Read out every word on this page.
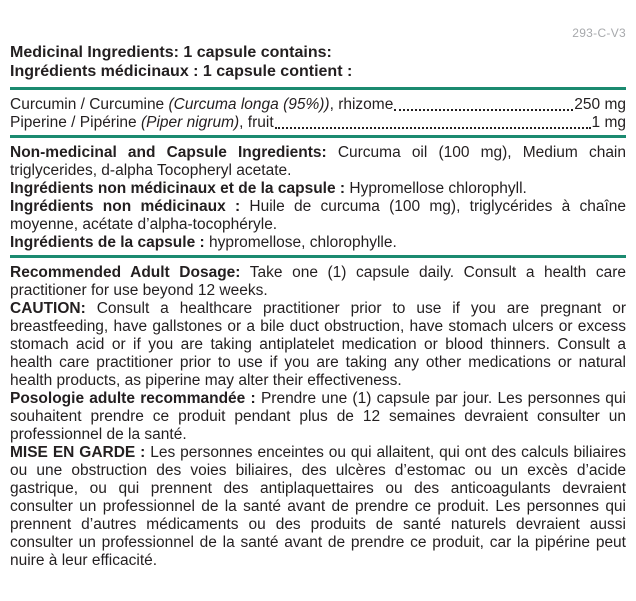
293-C-V3
Medicinal Ingredients: 1 capsule contains:
Ingrédients médicinaux : 1 capsule contient :
Curcumin / Curcumine (Curcuma longa (95%)), rhizome	250 mg
Piperine / Pipérine (Piper nigrum), fruit	1 mg

Non-medicinal and Capsule Ingredients: Curcuma oil (100 mg), Medium chain triglycerides, d-alpha Tocopheryl acetate.

Ingrédients non médicinaux et de la capsule : Hypromellose chlorophyll.

Ingrédients non médicinaux : Huile de curcuma (100 mg), triglycérides à chaîne moyenne, acétate d’alpha-tocophéryle.

Ingrédients de la capsule : hypromellose, chlorophylle.

Recommended Adult Dosage: Take one (1) capsule daily. Consult a health care practitioner for use beyond 12 weeks.

CAUTION: Consult a healthcare practitioner prior to use if you are pregnant or breastfeeding, have gallstones or a bile duct obstruction, have stomach ulcers or excess stomach acid or if you are taking antiplatelet medication or blood thinners. Consult a health care practitioner prior to use if you are taking any other medications or natural health products, as piperine may alter their effectiveness.

Posologie adulte recommandée : Prendre une (1) capsule par jour. Les personnes qui souhaitent prendre ce produit pendant plus de 12 semaines devraient consulter un professionnel de la santé.

MISE EN GARDE : Les personnes enceintes ou qui allaitent, qui ont des calculs biliaires ou une obstruction des voies biliaires, des ulcères d’estomac ou un excès d’acide gastrique, ou qui prennent des antiplaquettaires ou des anticoagulants devraient consulter un professionnel de la santé avant de prendre ce produit. Les personnes qui prennent d’autres médicaments ou des produits de santé naturels devraient aussi consulter un professionnel de la santé avant de prendre ce produit, car la pipérine peut nuire à leur efficacité.
